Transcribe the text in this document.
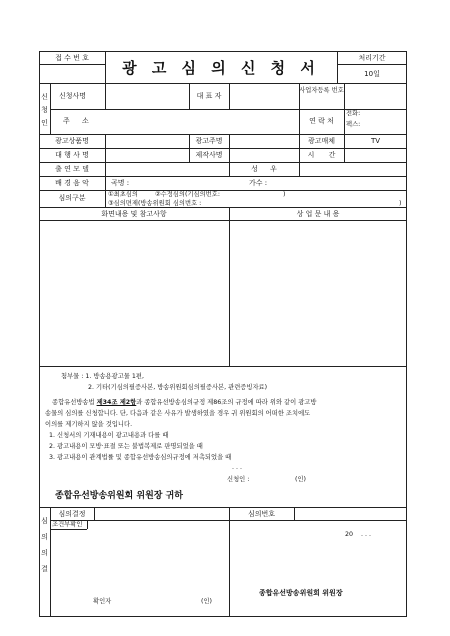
접 수 번 호
광 고 심 의 신 청 서
처리기간
10일
신 청 인
신청사명	대 표 자
사업자등록 번호
주 소	연 락 처
전화:
팩스:
광고상품명	광고주명	광고매체	TV
대 행 사 명	제작사명	시 간
출 연 모 델	성 우
배 경 음 악	곡명 :	가수 :
심의구분	①최초심의	②수정심의(기심의번호:	)
③심의면제(방송위원회 심의번호 :	)
화면내용 및 참고사항	상 업 문 내 용
첨부물 : 1. 방송용광고물 1편,
2. 기타(기심의필증사본, 방송위원회심의필증사본, 관련증빙자료)
종합유선방송법 제34조 제2항과 종합유선방송심의규정 제86조의 규정에 따라 위와 같이 광고방
송물의 심의를 신청합니다. 단, 다음과 같은 사유가 발생하였을 경우 귀 위원회의 어떠한 조치에도
이의를 제기하지 않을 것입니다.
1. 신청서의 기재내용이 광고내용과 다를 때
2. 광고내용이 모방·표절 또는 불법복제로 판명되었을 때
3. 광고내용이 관계법률 및 종합유선방송심의규정에 저촉되었을 때
· · ·
신청인 :	(인)
종합유선방송위원회 위원장 귀하
심 의 의 결
심의결정	심의번호
조건부확인
20 . . .
확인자	(인)
종합유선방송위원회 위원장
